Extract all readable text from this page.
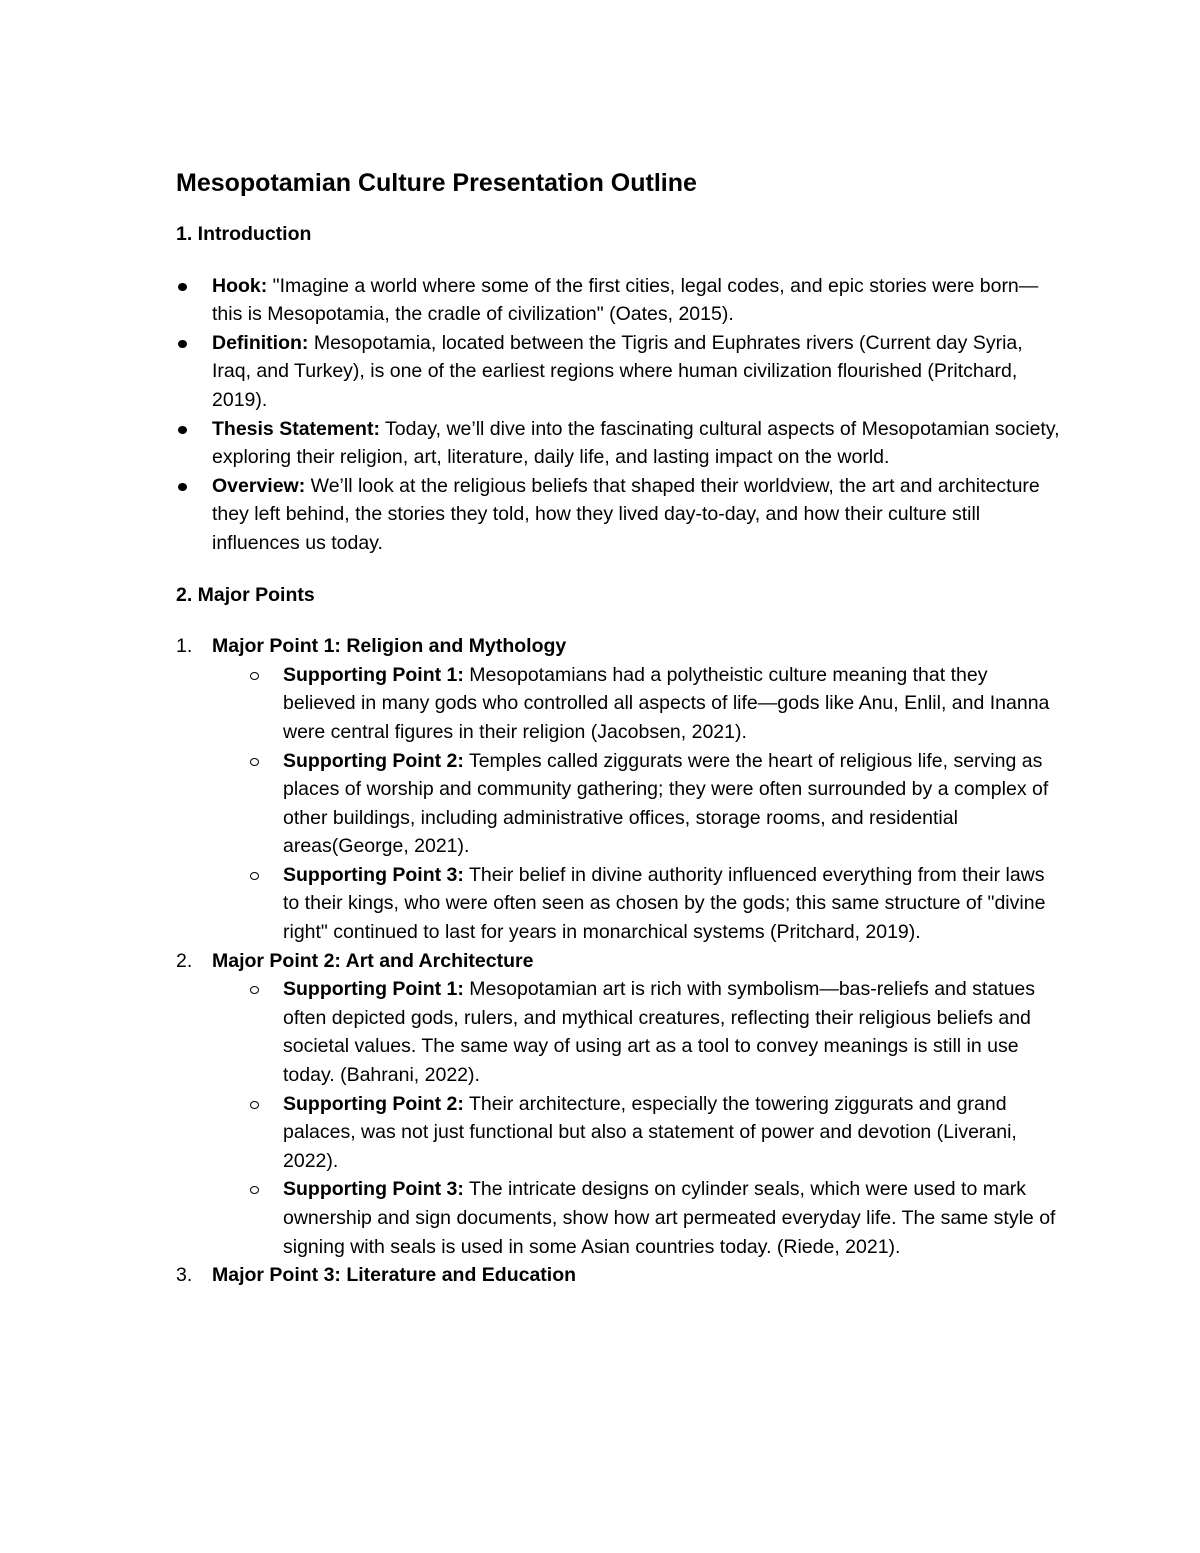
Mesopotamian Culture Presentation Outline
1. Introduction
Hook: "Imagine a world where some of the first cities, legal codes, and epic stories were born—this is Mesopotamia, the cradle of civilization" (Oates, 2015).
Definition: Mesopotamia, located between the Tigris and Euphrates rivers (Current day Syria, Iraq, and Turkey), is one of the earliest regions where human civilization flourished (Pritchard, 2019).
Thesis Statement: Today, we’ll dive into the fascinating cultural aspects of Mesopotamian society, exploring their religion, art, literature, daily life, and lasting impact on the world.
Overview: We’ll look at the religious beliefs that shaped their worldview, the art and architecture they left behind, the stories they told, how they lived day-to-day, and how their culture still influences us today.
2. Major Points
1. Major Point 1: Religion and Mythology
Supporting Point 1: Mesopotamians had a polytheistic culture meaning that they believed in many gods who controlled all aspects of life—gods like Anu, Enlil, and Inanna were central figures in their religion (Jacobsen, 2021).
Supporting Point 2: Temples called ziggurats were the heart of religious life, serving as places of worship and community gathering; they were often surrounded by a complex of other buildings, including administrative offices, storage rooms, and residential areas(George, 2021).
Supporting Point 3: Their belief in divine authority influenced everything from their laws to their kings, who were often seen as chosen by the gods; this same structure of "divine right" continued to last for years in monarchical systems (Pritchard, 2019).
2. Major Point 2: Art and Architecture
Supporting Point 1: Mesopotamian art is rich with symbolism—bas-reliefs and statues often depicted gods, rulers, and mythical creatures, reflecting their religious beliefs and societal values. The same way of using art as a tool to convey meanings is still in use today. (Bahrani, 2022).
Supporting Point 2: Their architecture, especially the towering ziggurats and grand palaces, was not just functional but also a statement of power and devotion (Liverani, 2022).
Supporting Point 3: The intricate designs on cylinder seals, which were used to mark ownership and sign documents, show how art permeated everyday life. The same style of signing with seals is used in some Asian countries today. (Riede, 2021).
3. Major Point 3: Literature and Education
